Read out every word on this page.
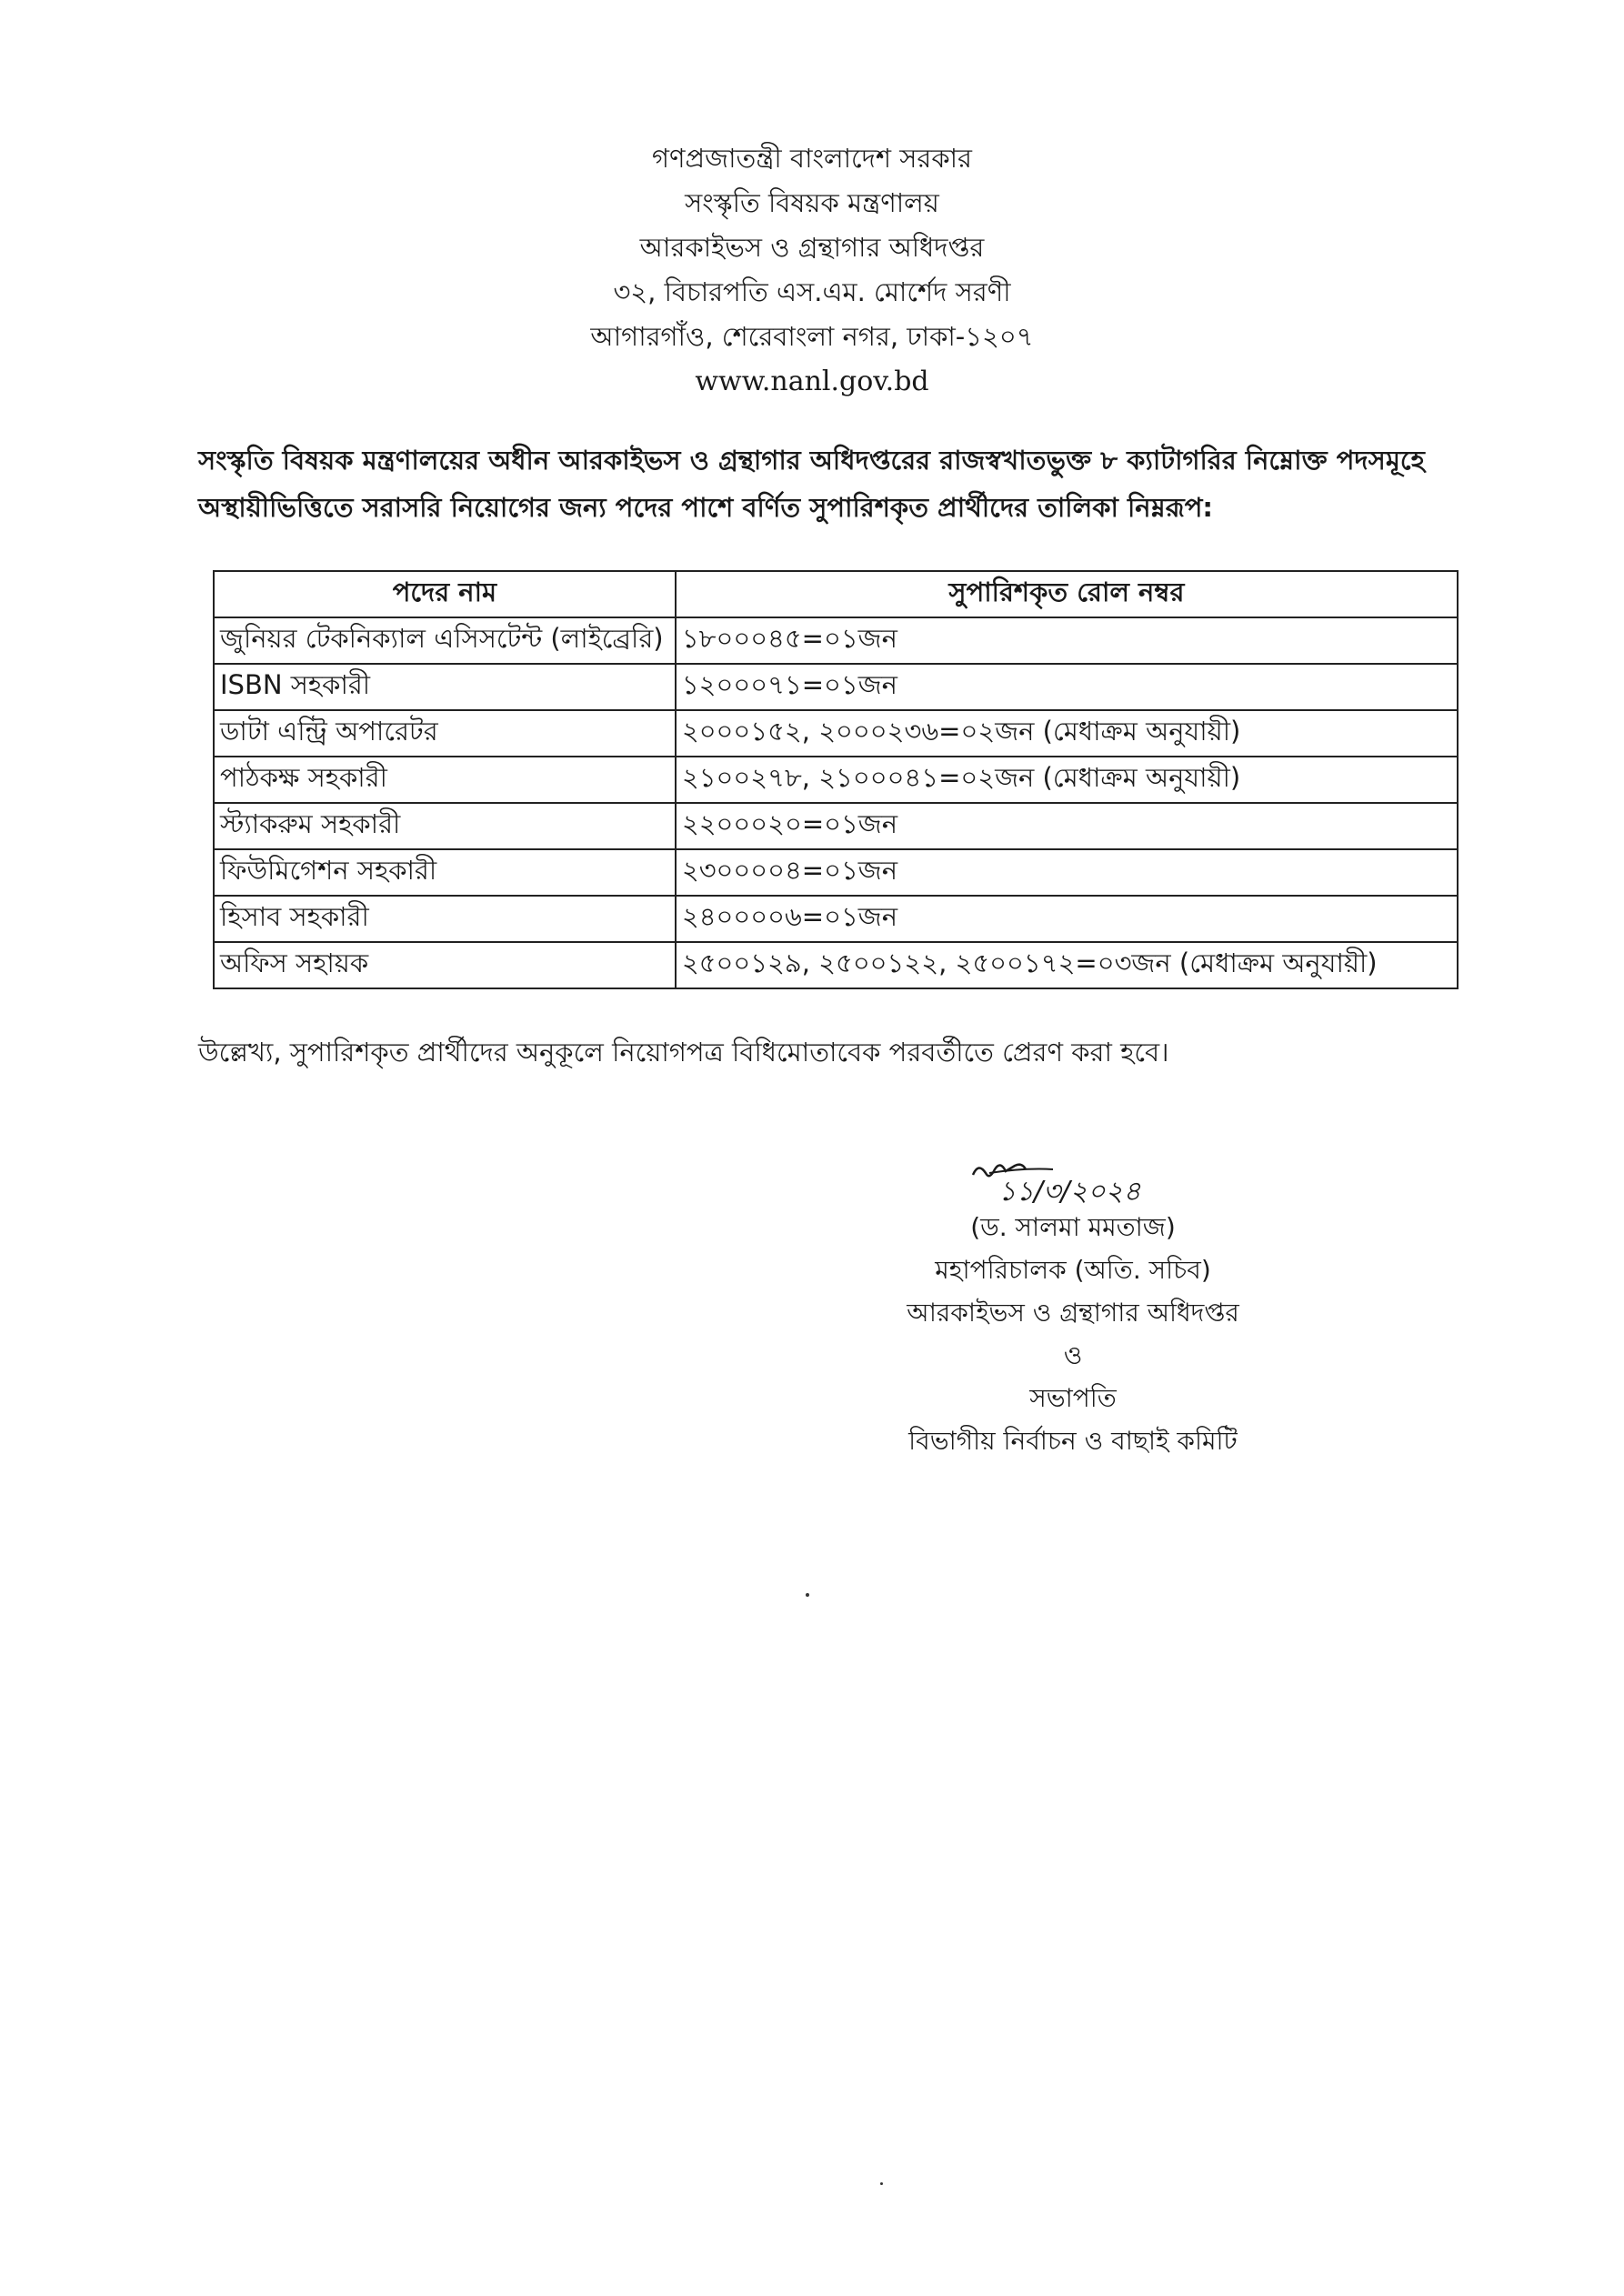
গণপ্রজাতন্ত্রী বাংলাদেশ সরকার
সংস্কৃতি বিষয়ক মন্ত্রণালয়
আরকাইভস ও গ্রন্থাগার অধিদপ্তর
৩২, বিচারপতি এস.এম. মোর্শেদ সরণী
আগারগাঁও, শেরেবাংলা নগর, ঢাকা-১২০৭
www.nanl.gov.bd

সংস্কৃতি বিষয়ক মন্ত্রণালয়ের অধীন আরকাইভস ও গ্রন্থাগার অধিদপ্তরের রাজস্বখাতভুক্ত ৮ ক্যাটাগরির নিম্নোক্ত পদসমূহে অস্থায়ীভিত্তিতে সরাসরি নিয়োগের জন্য পদের পাশে বর্ণিত সুপারিশকৃত প্রার্থীদের তালিকা নিম্নরূপ:

পদের নাম	সুপারিশকৃত রোল নম্বর
জুনিয়র টেকনিক্যাল এসিসটেন্ট (লাইব্রেরি)	১৮০০০৪৫=০১জন
ISBN সহকারী	১২০০০৭১=০১জন
ডাটা এন্ট্রি অপারেটর	২০০০১৫২, ২০০০২৩৬=০২জন (মেধাক্রম অনুযায়ী)
পাঠকক্ষ সহকারী	২১০০২৭৮, ২১০০০৪১=০২জন (মেধাক্রম অনুযায়ী)
স্ট্যাকরুম সহকারী	২২০০০২০=০১জন
ফিউমিগেশন সহকারী	২৩০০০০৪=০১জন
হিসাব সহকারী	২৪০০০০৬=০১জন
অফিস সহায়ক	২৫০০১২৯, ২৫০০১২২, ২৫০০১৭২=০৩জন (মেধাক্রম অনুযায়ী)

উল্লেখ্য, সুপারিশকৃত প্রার্থীদের অনুকূলে নিয়োগপত্র বিধিমোতাবেক পরবর্তীতে প্রেরণ করা হবে।

১১/৩/২০২৪
(ড. সালমা মমতাজ)
মহাপরিচালক (অতি. সচিব)
আরকাইভস ও গ্রন্থাগার অধিদপ্তর
ও
সভাপতি
বিভাগীয় নির্বাচন ও বাছাই কমিটি
